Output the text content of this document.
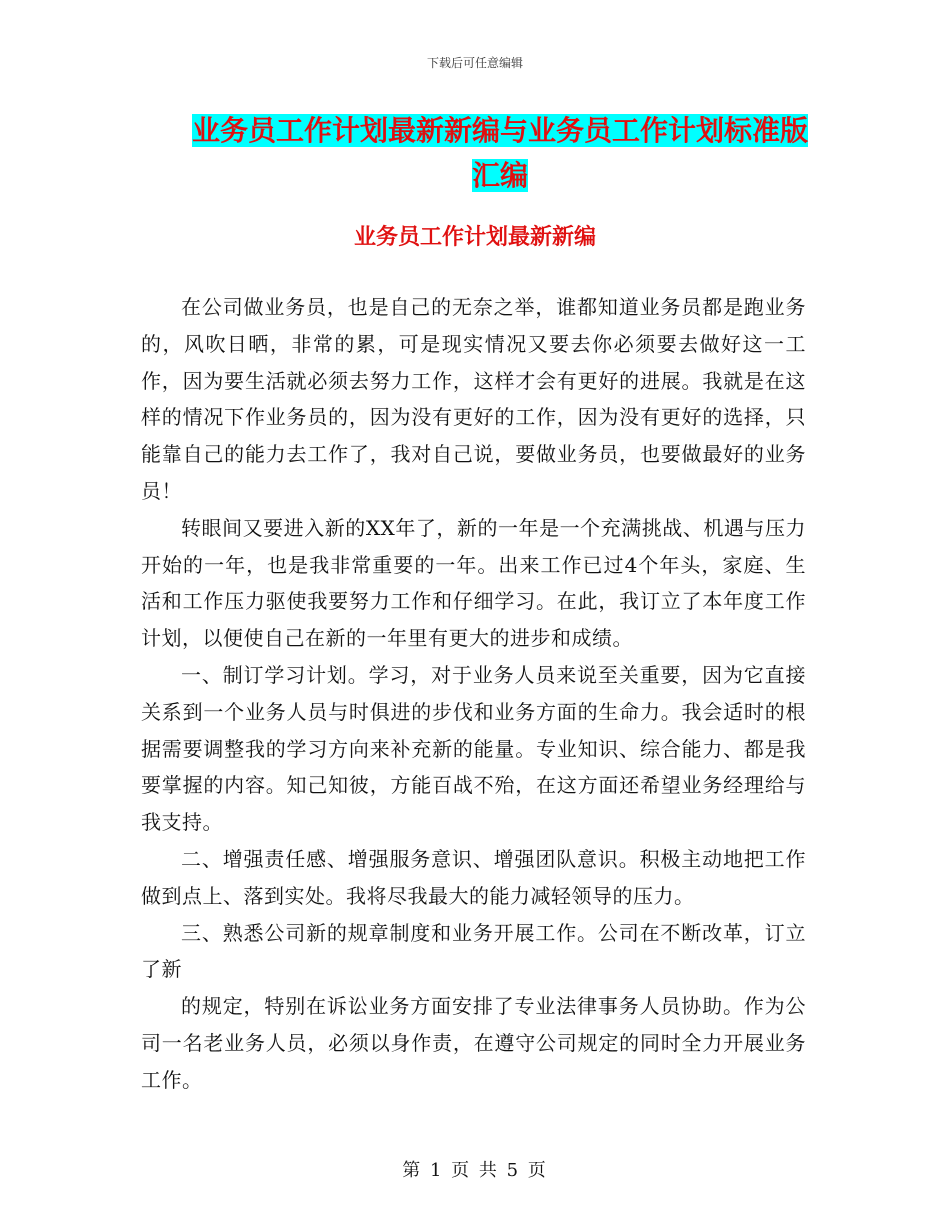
下载后可任意编辑
业务员工作计划最新新编与业务员工作计划标准版汇编
业务员工作计划最新新编

在公司做业务员，也是自己的无奈之举，谁都知道业务员都是跑业务的，风吹日晒，非常的累，可是现实情况又要去你必须要去做好这一工作，因为要生活就必须去努力工作，这样才会有更好的进展。我就是在这样的情况下作业务员的，因为没有更好的工作，因为没有更好的选择，只能靠自己的能力去工作了，我对自己说，要做业务员，也要做最好的业务员！

转眼间又要进入新的XX年了，新的一年是一个充满挑战、机遇与压力开始的一年，也是我非常重要的一年。出来工作已过4个年头，家庭、生活和工作压力驱使我要努力工作和仔细学习。在此，我订立了本年度工作计划，以便使自己在新的一年里有更大的进步和成绩。

一、制订学习计划。学习，对于业务人员来说至关重要，因为它直接关系到一个业务人员与时俱进的步伐和业务方面的生命力。我会适时的根据需要调整我的学习方向来补充新的能量。专业知识、综合能力、都是我要掌握的内容。知己知彼，方能百战不殆，在这方面还希望业务经理给与我支持。

二、增强责任感、增强服务意识、增强团队意识。积极主动地把工作做到点上、落到实处。我将尽我最大的能力减轻领导的压力。

三、熟悉公司新的规章制度和业务开展工作。公司在不断改革，订立了新

的规定，特别在诉讼业务方面安排了专业法律事务人员协助。作为公司一名老业务人员，必须以身作责，在遵守公司规定的同时全力开展业务工作。

第 1 页 共 5 页
